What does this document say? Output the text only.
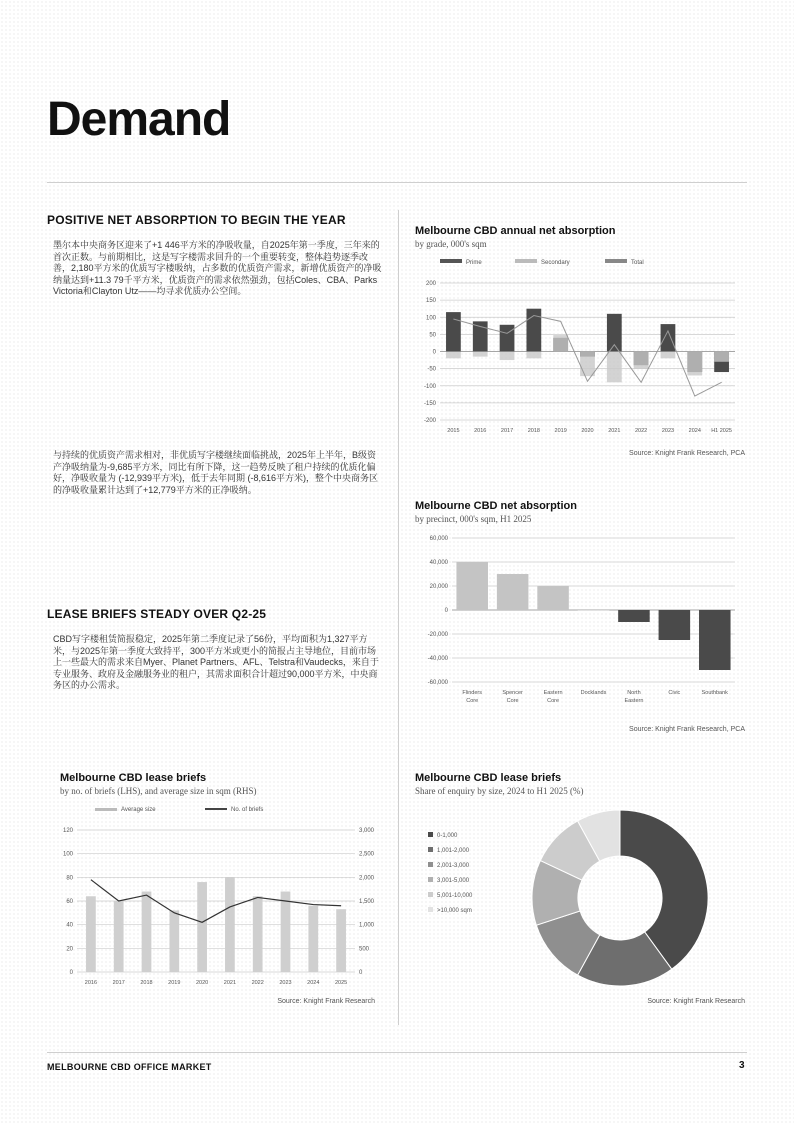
Demand
POSITIVE NET ABSORPTION TO BEGIN THE YEAR
墨尔本中央商务区迎来了+1 446平方米的净吸收量，自2025年第一季度，三年来的首次正数。与前期相比，这是写字楼需求回升的一个重要转变，整体趋势逐季改善，2,180平方米的优质写字楼吸纳，占多数的优质资产需求，新增优质资产的净吸纳量达到+11.3 79千平方米，优质资产的需求依然强劲，包括Coles、CBA、Parks Victoria和Clayton Utz——均寻求优质办公空间。
与持续的优质资产需求相对，非优质写字楼继续面临挑战，2025年上半年，B级资产净吸纳量为-9,685平方米，同比有所下降，这一趋势反映了租户持续的优质化偏好，净吸收量为 (-12,939平方米)，低于去年同期 (-8,616平方米)，整个中央商务区的净吸收量累计达到了+12,779平方米的正净吸纳。
LEASE BRIEFS STEADY OVER Q2-25
CBD写字楼租赁简报稳定，2025年第二季度记录了56份，平均面积为1,327平方米，与2025年第一季度大致持平，300平方米或更小的简报占主导地位，目前市场上一些最大的需求来自Myer、Planet Partners、AFL、Telstra和Vaudecks，来自于专业服务、政府及金融服务业的租户，其需求面积合计超过90,000平方米，中央商务区的办公需求。
Melbourne CBD annual net absorption
by grade, 000's sqm
Prime	Secondary	Total
200
150
100
50
0
-50
-100
-150
-200
2015	2016	2017	2018	2019	2020	2021	2022	2023	2024 H1 2025
Source: Knight Frank Research, PCA
Melbourne CBD net absorption
by precinct, 000's sqm, H1 2025
60,000
40,000
20,000
0
-20,000
-40,000
-60,000
Flinders
Core
Spencer
Core
Eastern
Core
Docklands	North
Eastern
Civic	Southbank
Source: Knight Frank Research, PCA
Melbourne CBD lease briefs
by no. of briefs (LHS), and average size in sqm (RHS)
Average size	No. of briefs
120	3,000
100	2,500
80	2,000
60	1,500
40	1,000
20	500
0	0
2016	2017	2018	2019	2020	2021	2022	2023	2024	2025
Source: Knight Frank Research
Melbourne CBD lease briefs
Share of enquiry by size, 2024 to H1 2025 (%)
0-1,000
1,001-2,000
2,001-3,000
3,001-5,000
5,001-10,000
>10,000 sqm
Source: Knight Frank Research
MELBOURNE CBD OFFICE MARKET	3
